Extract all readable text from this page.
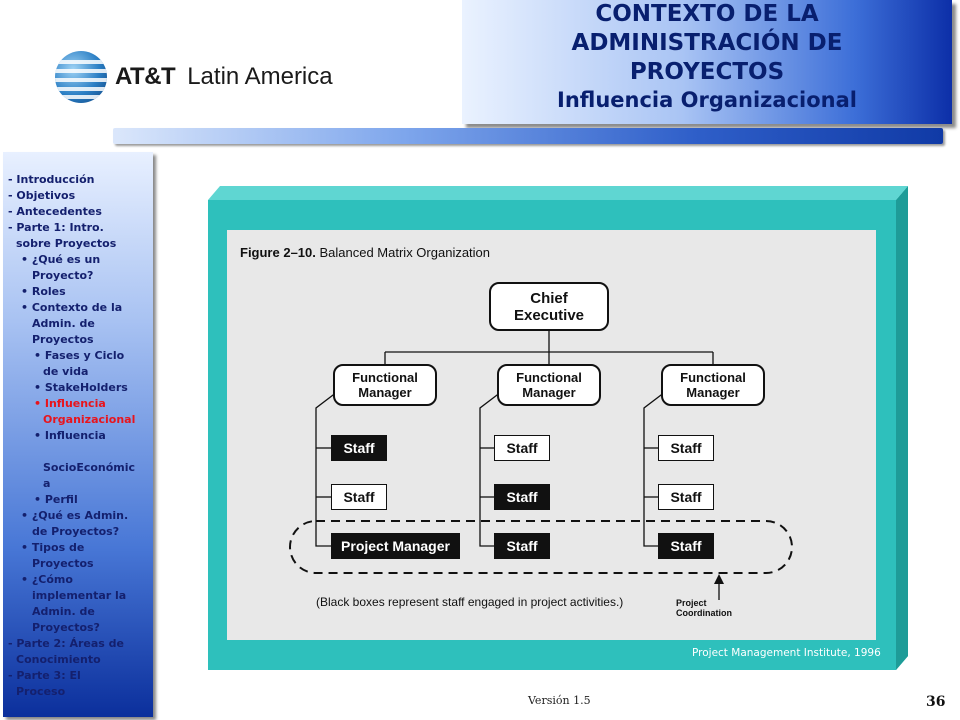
AT&T Latin America
CONTEXTO DE LA
ADMINISTRACIÓN DE
PROYECTOS
Influencia Organizacional
- Introducción
- Objetivos
- Antecedentes
- Parte 1: Intro.
sobre Proyectos
• ¿Qué es un
Proyecto?
• Roles
• Contexto de la
Admin. de
Proyectos
• Fases y Ciclo
de vida
• StakeHolders
• Influencia
Organizacional
• Influencia
SocioEconómic
a
• Perfil
• ¿Qué es Admin.
de Proyectos?
• Tipos de
Proyectos
• ¿Cómo
implementar la
Admin. de
Proyectos?
- Parte 2: Áreas de
Conocimiento
- Parte 3: El
Proceso
Figure 2–10. Balanced Matrix Organization
Chief
Executive
Functional
Manager
Functional
Manager
Functional
Manager
Staff
Staff
Project Manager
Staff
Staff
Staff
Staff
Staff
Staff
(Black boxes represent staff engaged in project activities.)	Project
Coordination
Project Management Institute, 1996
Versión 1.5	36
